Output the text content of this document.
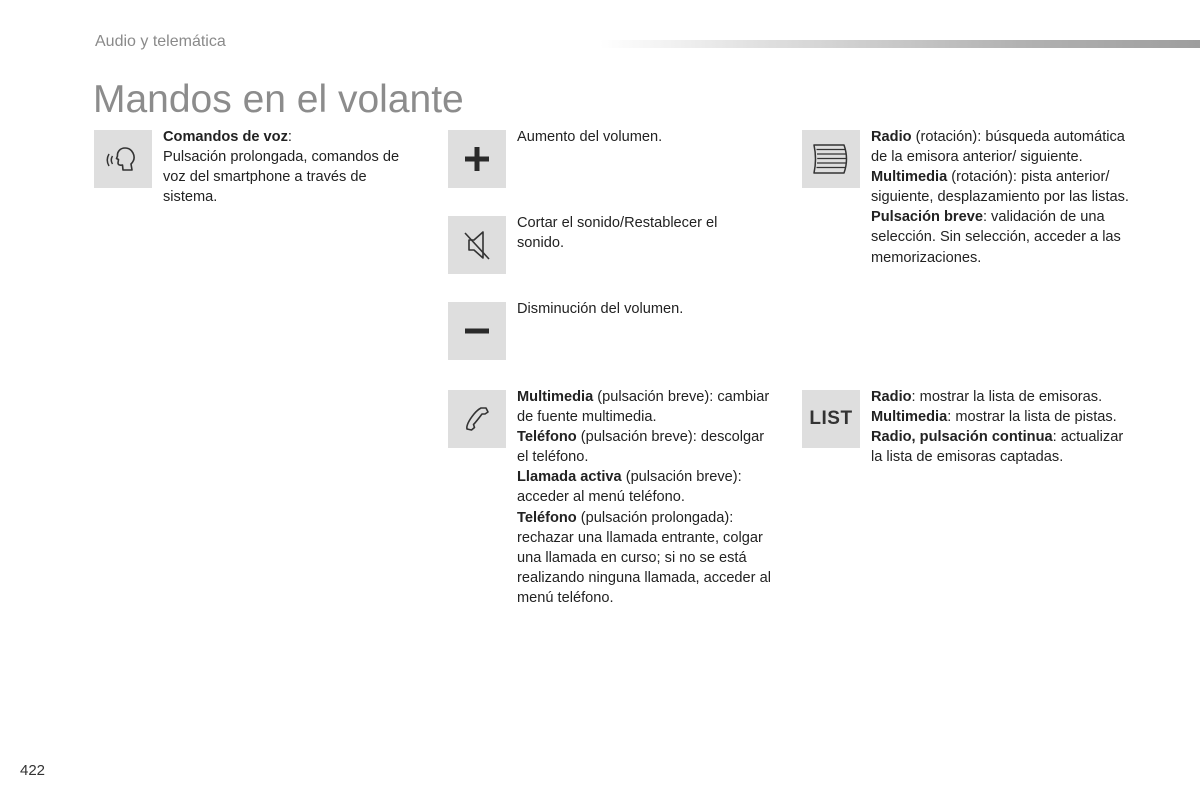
Audio y telemática
Mandos en el volante

Comandos de voz:

Pulsación prolongada, comandos de voz del smartphone a través de sistema.

Aumento del volumen.

Cortar el sonido/Restablecer el sonido.

Disminución del volumen.

Multimedia (pulsación breve): cambiar de fuente multimedia.

Teléfono (pulsación breve): descolgar el teléfono.

Llamada activa (pulsación breve): acceder al menú teléfono.

Teléfono (pulsación prolongada): rechazar una llamada entrante, colgar una llamada en curso; si no se está realizando ninguna llamada, acceder al menú teléfono.

Radio (rotación): búsqueda automática de la emisora anterior/ siguiente.

Multimedia (rotación): pista anterior/ siguiente, desplazamiento por las listas.

Pulsación breve: validación de una selección. Sin selección, acceder a las memorizaciones.

LIST

Radio: mostrar la lista de emisoras.

Multimedia: mostrar la lista de pistas.

Radio, pulsación continua: actualizar la lista de emisoras captadas.

422
